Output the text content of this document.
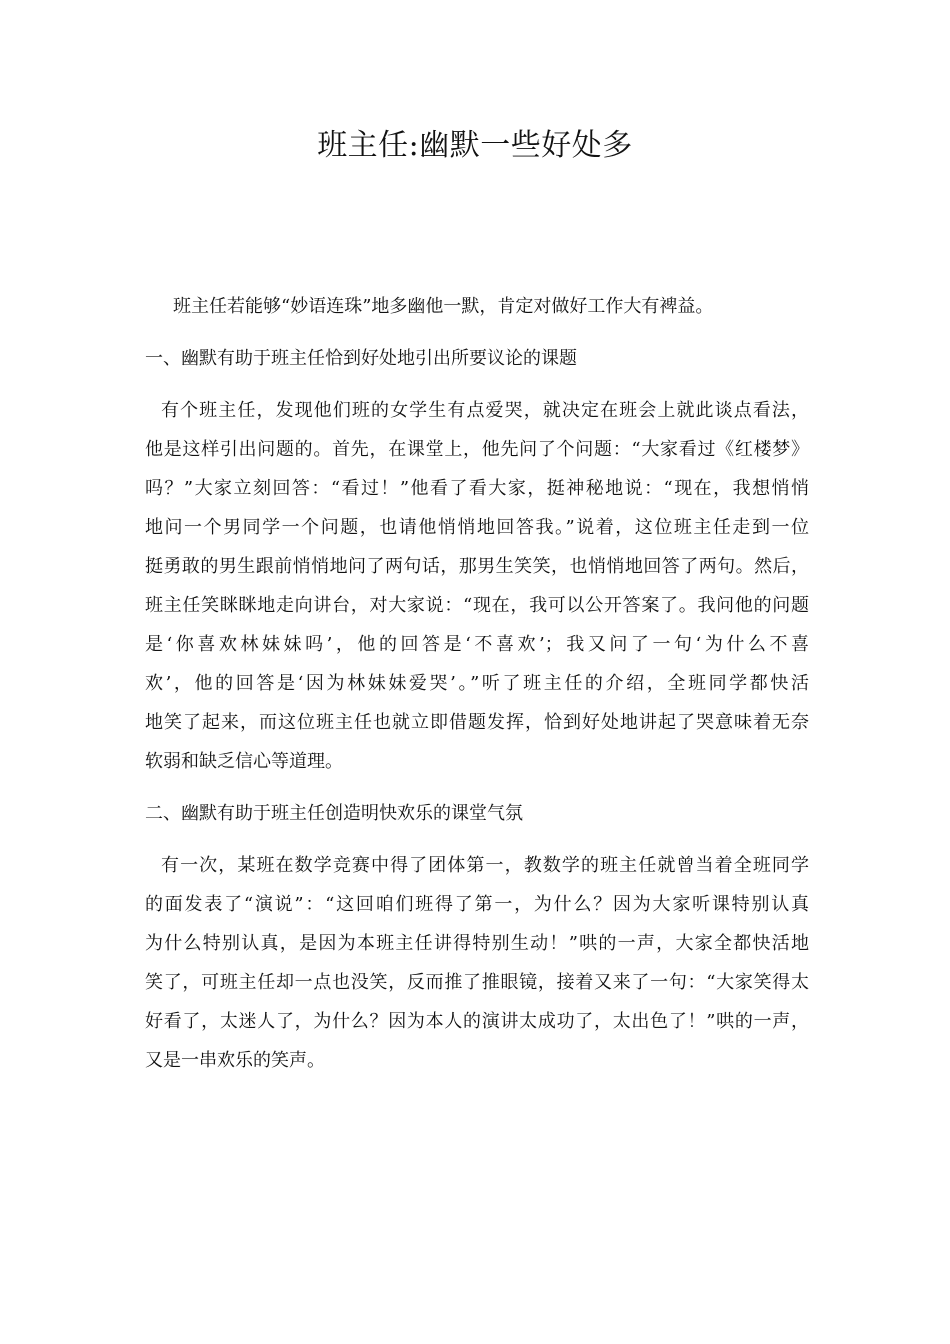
班主任:幽默一些好处多

班主任若能够“妙语连珠”地多幽他一默，肯定对做好工作大有裨益。

一、幽默有助于班主任恰到好处地引出所要议论的课题

有个班主任，发现他们班的女学生有点爱哭，就决定在班会上就此谈点看法，
他是这样引出问题的。首先，在课堂上，他先问了个问题：“大家看过《红楼梦》
吗？”大家立刻回答：“看过！”他看了看大家，挺神秘地说：“现在，我想悄悄
地问一个男同学一个问题，也请他悄悄地回答我。”说着，这位班主任走到一位
挺勇敢的男生跟前悄悄地问了两句话，那男生笑笑，也悄悄地回答了两句。然后，
班主任笑眯眯地走向讲台，对大家说：“现在，我可以公开答案了。我问他的问题
是‘你喜欢林妹妹吗’，他的回答是‘不喜欢’；我又问了一句‘为什么不喜
欢’，他的回答是‘因为林妹妹爱哭’。”听了班主任的介绍，全班同学都快活
地笑了起来，而这位班主任也就立即借题发挥，恰到好处地讲起了哭意味着无奈
软弱和缺乏信心等道理。

二、幽默有助于班主任创造明快欢乐的课堂气氛

有一次，某班在数学竞赛中得了团体第一，教数学的班主任就曾当着全班同学
的面发表了“演说”：“这回咱们班得了第一，为什么？因为大家听课特别认真
为什么特别认真，是因为本班主任讲得特别生动！”哄的一声，大家全都快活地
笑了，可班主任却一点也没笑，反而推了推眼镜，接着又来了一句：“大家笑得太
好看了，太迷人了，为什么？因为本人的演讲太成功了，太出色了！”哄的一声，
又是一串欢乐的笑声。
